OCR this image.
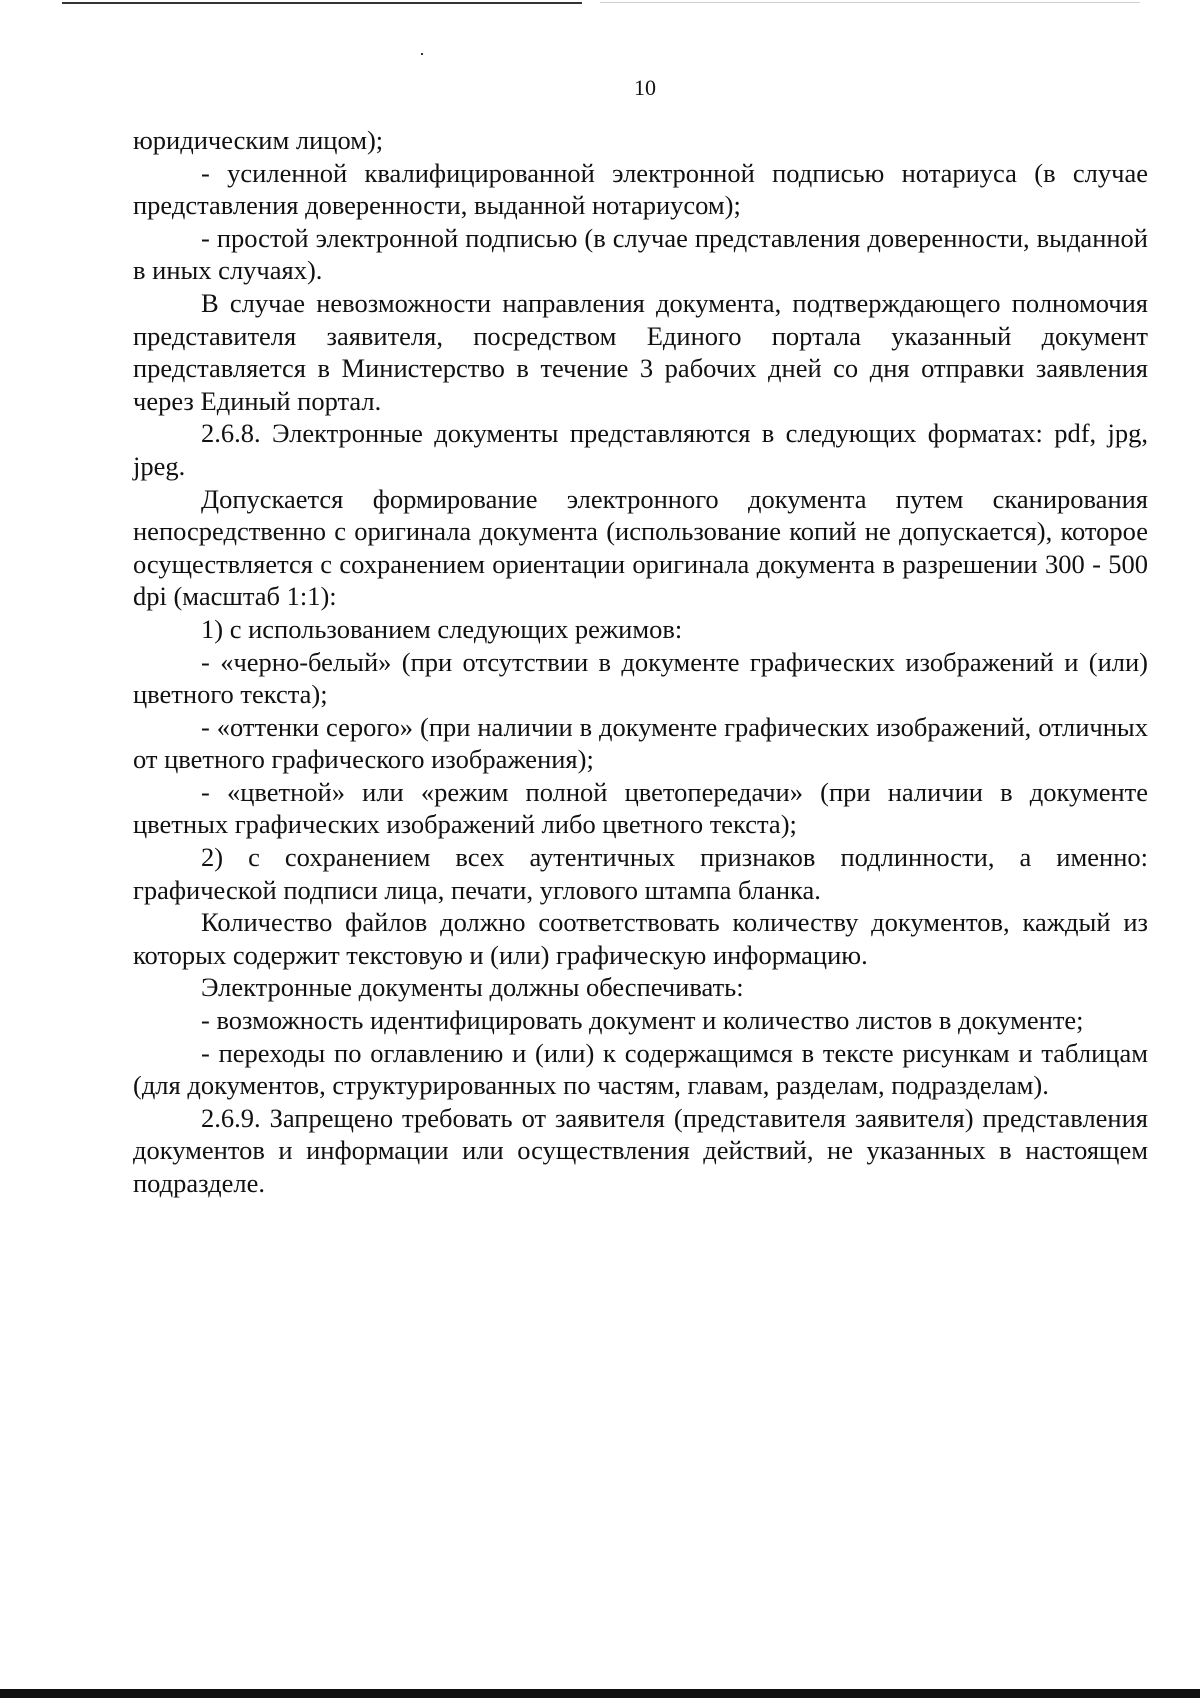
10

юридическим лицом);

- усиленной квалифицированной электронной подписью нотариуса (в случае представления доверенности, выданной нотариусом);

- простой электронной подписью (в случае представления доверенности, выданной в иных случаях).

В случае невозможности направления документа, подтверждающего полномочия представителя заявителя, посредством Единого портала указанный документ представляется в Министерство в течение 3 рабочих дней со дня отправки заявления через Единый портал.

2.6.8. Электронные документы представляются в следующих форматах: pdf, jpg, jpeg.

Допускается формирование электронного документа путем сканирования непосредственно с оригинала документа (использование копий не допускается), которое осуществляется с сохранением ориентации оригинала документа в разрешении 300 - 500 dpi (масштаб 1:1):

1) с использованием следующих режимов:

- «черно-белый» (при отсутствии в документе графических изображений и (или) цветного текста);

- «оттенки серого» (при наличии в документе графических изображений, отличных от цветного графического изображения);

- «цветной» или «режим полной цветопередачи» (при наличии в документе цветных графических изображений либо цветного текста);

2) с сохранением всех аутентичных признаков подлинности, а именно: графической подписи лица, печати, углового штампа бланка.

Количество файлов должно соответствовать количеству документов, каждый из которых содержит текстовую и (или) графическую информацию.

Электронные документы должны обеспечивать:

- возможность идентифицировать документ и количество листов в документе;

- переходы по оглавлению и (или) к содержащимся в тексте рисункам и таблицам (для документов, структурированных по частям, главам, разделам, подразделам).

2.6.9. Запрещено требовать от заявителя (представителя заявителя) представления документов и информации или осуществления действий, не указанных в настоящем подразделе.
